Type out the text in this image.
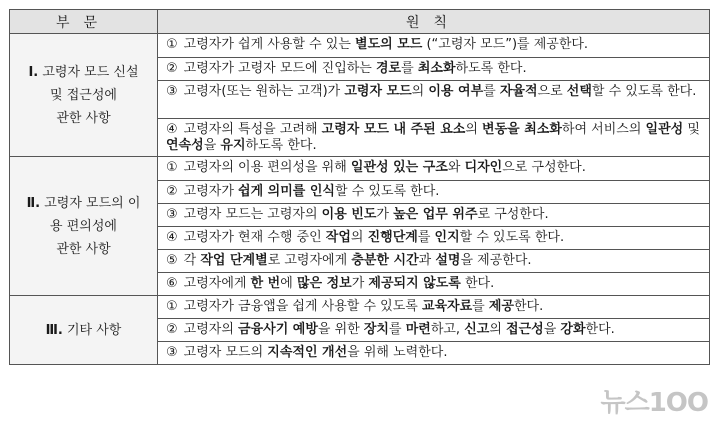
부문	원칙
Ⅰ. 고령자 모드 신설
및 접근성에
관한 사항	① 고령자가 쉽게 사용할 수 있는 별도의 모드 (“고령자 모드”)를 제공한다.
	② 고령자가 고령자 모드에 진입하는 경로를 최소화하도록 한다.
	③ 고령자(또는 원하는 고객)가 고령자 모드의 이용 여부를 자율적으로 선택할 수 있도록 한다.
	④ 고령자의 특성을 고려해 고령자 모드 내 주된 요소의 변동을 최소화하여 서비스의 일관성 및 연속성을 유지하도록 한다.
Ⅱ. 고령자 모드의 이
용 편의성에
관한 사항	① 고령자의 이용 편의성을 위해 일관성 있는 구조와 디자인으로 구성한다.
	② 고령자가 쉽게 의미를 인식할 수 있도록 한다.
	③ 고령자 모드는 고령자의 이용 빈도가 높은 업무 위주로 구성한다.
	④ 고령자가 현재 수행 중인 작업의 진행단계를 인지할 수 있도록 한다.
	⑤ 각 작업 단계별로 고령자에게 충분한 시간과 설명을 제공한다.
	⑥ 고령자에게 한 번에 많은 정보가 제공되지 않도록 한다.
Ⅲ. 기타 사항	① 고령자가 금융앱을 쉽게 사용할 수 있도록 교육자료를 제공한다.
	② 고령자의 금융사기 예방을 위한 장치를 마련하고, 신고의 접근성을 강화한다.
	③ 고령자 모드의 지속적인 개선을 위해 노력한다.
뉴스1OO
